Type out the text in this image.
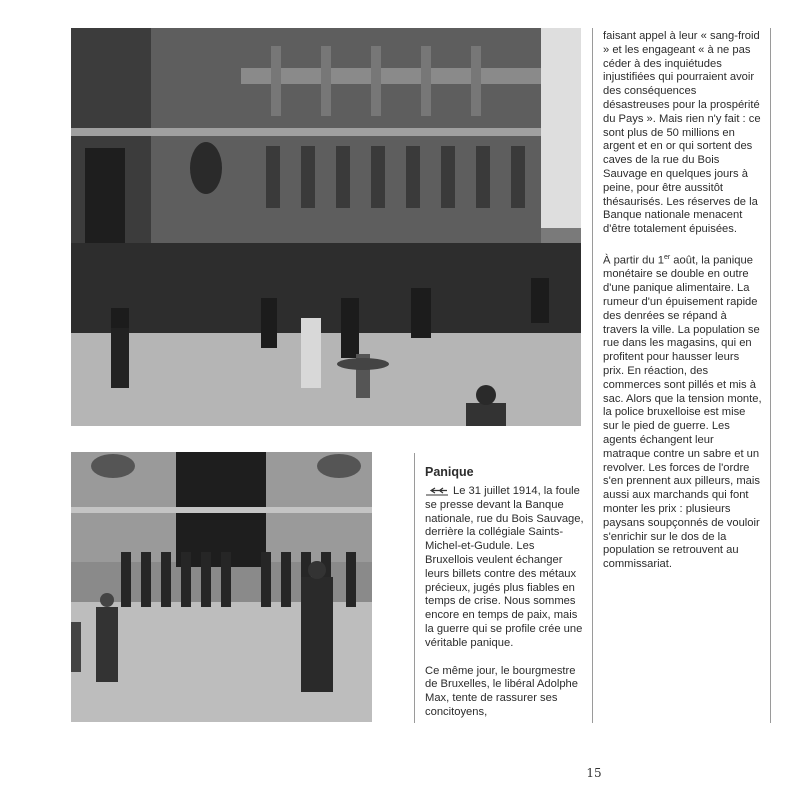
Panique

Le 31 juillet 1914, la foule se presse devant la Banque nationale, rue du Bois Sauvage, derrière la collégiale Saints-Michel-et-Gudule. Les Bruxellois veulent échanger leurs billets contre des métaux précieux, jugés plus fiables en temps de crise. Nous sommes encore en temps de paix, mais la guerre qui se profile crée une véritable panique.

Ce même jour, le bourgmestre de Bruxelles, le libéral Adolphe Max, tente de rassurer ses concitoyens,

faisant appel à leur « sang-froid » et les engageant « à ne pas céder à des inquiétudes injustifiées qui pourraient avoir des conséquences désastreuses pour la prospérité du Pays ». Mais rien n'y fait : ce sont plus de 50 millions en argent et en or qui sortent des caves de la rue du Bois Sauvage en quelques jours à peine, pour être aussitôt thésaurisés. Les réserves de la Banque nationale menacent d'être totalement épuisées.

À partir du 1er août, la panique monétaire se double en outre d'une panique alimentaire. La rumeur d'un épuisement rapide des denrées se répand à travers la ville. La population se rue dans les magasins, qui en profitent pour hausser leurs prix. En réaction, des commerces sont pillés et mis à sac. Alors que la tension monte, la police bruxelloise est mise sur le pied de guerre. Les agents échangent leur matraque contre un sabre et un revolver. Les forces de l'ordre s'en prennent aux pilleurs, mais aussi aux marchands qui font monter les prix : plusieurs paysans soupçonnés de vouloir s'enrichir sur le dos de la population se retrouvent au commissariat.

15
